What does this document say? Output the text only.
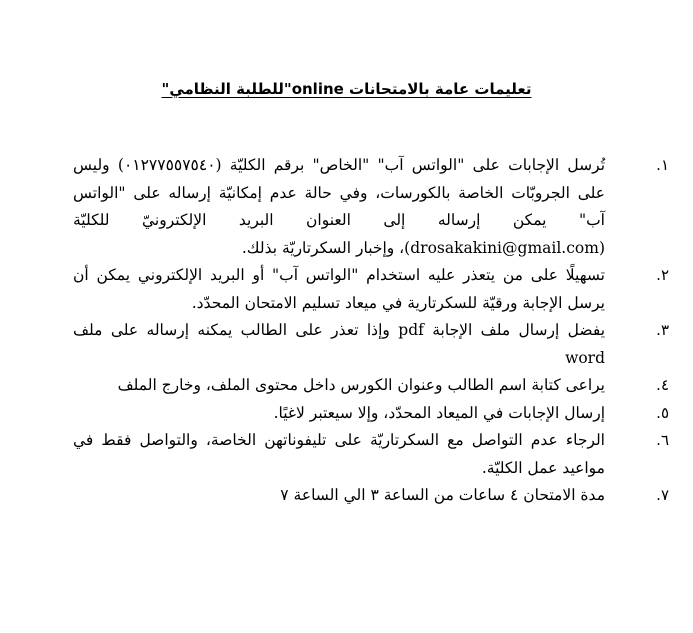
تعليمات عامة بالامتحانات online"للطلبة النظامي"
١.
تُرسل الإجابات على "الواتس آب" "الخاص" برقم الكليّة (٠١٢٧٧٥٥٧٥٤٠) وليس على الجروبّات الخاصة بالكورسات، وفي حالة عدم إمكانيّة إرساله على "الواتس آب" يمكن إرساله إلى العنوان البريد الإلكترونيّ للكليّة (drosakakini@gmail.com)، وإخبار السكرتاريّة بذلك.
٢.
تسهيلًا على من يتعذر عليه استخدام "الواتس آب" أو البريد الإلكتروني يمكن أن يرسل الإجابة ورقيّة للسكرتارية في ميعاد تسليم الامتحان المحدّد.
٣.
يفضل إرسال ملف الإجابة pdf وإذا تعذر على الطالب يمكنه إرساله على ملف word
٤.
يراعى كتابة اسم الطالب وعنوان الكورس داخل محتوى الملف، وخارج الملف
٥.
إرسال الإجابات في الميعاد المحدّد، وإلا سيعتبر لاغيًا.
٦.
الرجاء عدم التواصل مع السكرتاريّة على تليفوناتهن الخاصة، والتواصل فقط في مواعيد عمل الكليّة.
٧.
مدة الامتحان ٤ ساعات من الساعة ٣ الي الساعة ٧
